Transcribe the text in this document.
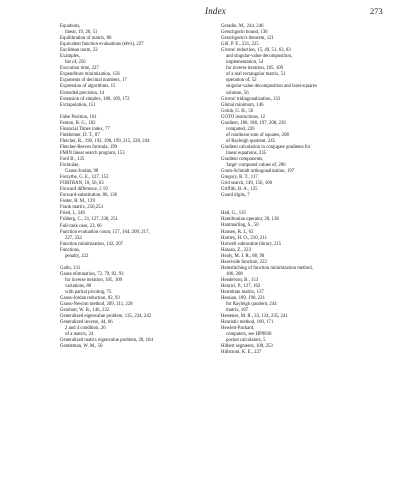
Index	273
Equations,
linear, 19, 20, 51
Equilibration of matrix, 80
Equivalent function evaluations (efe's), 227
Euclidean norm, 22
Examples,
list of, 256
Execution time, 227
Expenditure minimization, 156
Exponents of decimal numbers, 17
Expression of algorithms, 15
Extended precision, 14
Extension of simplex, 168, 169, 172
Extrapolation, 151
False Position, 161
Fenton, R. G., 182
Financial Times index, 77
Finkbeiner, D. T., 87
Fletcher, R., 190, 192, 198, 199, 215, 228, 244
Fletcher-Reeves formula, 199
FMIN linear search program, 153
Ford B., 135
Formulae,
Gauss-Jordan, 98
Forsythe, G. E., 127, 153
FORTRAN, 10, 56, 63
Forward difference, 2 19
Forward-substitution, 86, 136
Foster, R. M., 139
Frank matrix, 250,253
Fried, I., 246
Fröberg, C., 21, 127, 238, 251
Full-rank case, 23, 66
Function evaluation count, 157, 164, 209, 217,
227, 232
Function minimization, 142, 207
Functions,
penalty, 222
Gallo, 131
Gauss elimination, 72, 79, 82, 93
for inverse iteration, 105, 109
variations, 80
with partial pivoting, 75
Gauss-Jordan reduction, 82, 93
Gauss-Newton method, 209, 211, 228
Gearhart, W. B., 146, 232
Generalized eigenvalue problem, 135, 234, 242
Generalized inverse, 44, 66
2 and 4 condition, 26
of a matrix, 24
Generalized matrix eigenvalue problem, 28, 104
Gentleman, W. M., 50
Geradin, M., 244, 246
Gerschgorin bound, 136
Gerschgorin's theorem, 121
Gill, P. E., 221, 225
Givens' reduction, 15, 49, 51, 63, 83
and singular-value decomposition,
implementation, 54
for inverse iteration, 105, 109
of a real rectangular matrix, 51
operation of, 52
singular-value decomposition and least-squares
solution, 56
Givens' tridiagonalization, 133
Global minimum, 146
Golub, G. H., 56
GOTO instructions, 12
Gradient, 186, 188, 197, 208, 226
computed, 226
of nonlinear sum of squares, 208
of Rayleigh quotient, 245
Gradient calculation in conjugate gradients for
linear equations, 235
Gradient components,
'large' computed values of, 206
Gram-Schmidt orthogonalization, 197
Gregory, R. T., 117
Grid search, 149, 156, 160
Griffith, B. A., 125
Guard digits, 7
Hall, G., 135
Hamiltonian operator, 28, 138
Hammarling, S., 50
Hansen, R. I., 63
Hartley, H. O., 210, 211
Harwell subroutine library, 215
Hassan, Z., 223
Healy, M. J. R., 88, 90
Heaviside function, 222
Hemstitching of function minimization method,
186, 208
Henderson, B., 153
Henrici, P., 127, 162
Hermitian matrix, 137
Hessian, 189, 190, 231
for Rayleigh quotient, 244
matrix, 187
Hestenes, M. R., 33, 134, 235, 241
Heuristic method, 168, 171
Hewlett-Packard,
computers, see HP9830
pocket calculators, 5
Hilbert segments, 108, 253
Hillstrom, K. E., 227
